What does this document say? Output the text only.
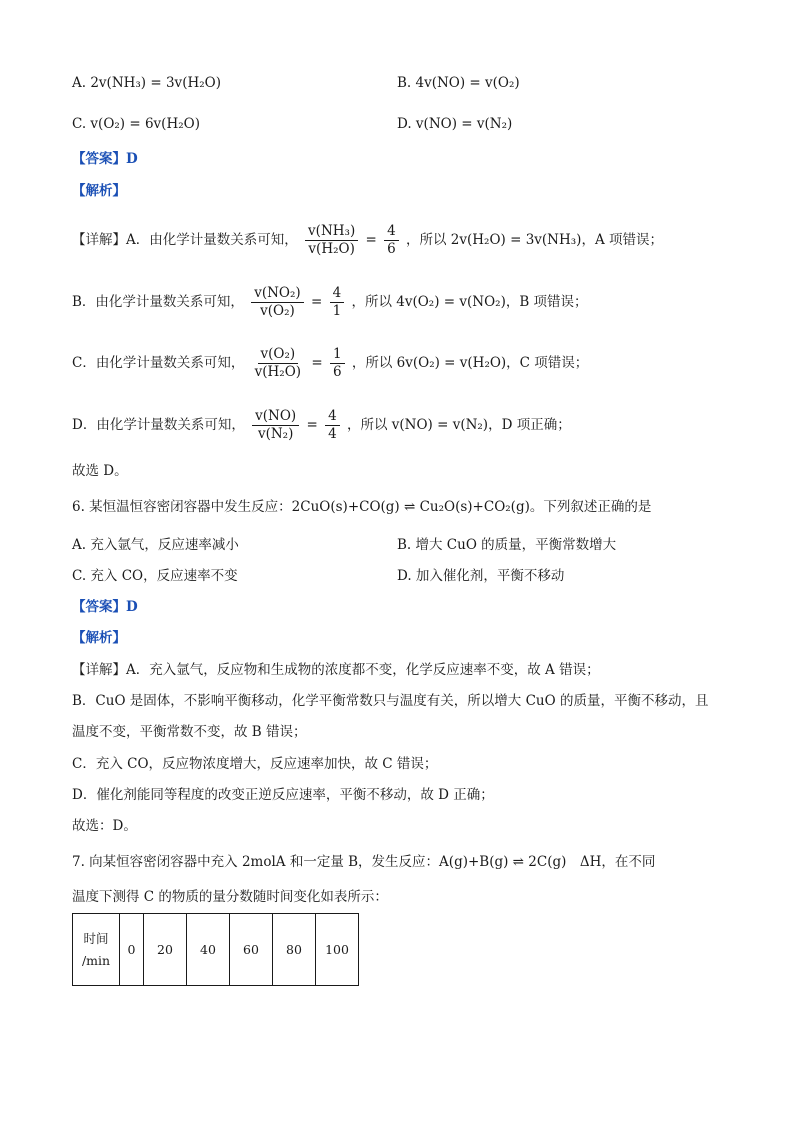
A. 2v(NH₃) = 3v(H₂O)	B. 4v(NO) = v(O₂)
C. v(O₂) = 6v(H₂O)	D. v(NO) = v(N₂)
【答案】D
【解析】
【详解】A．由化学计量数关系可知， $\frac{\text{v(NH₃)}}{\text{v(H₂O)}} = \frac{4}{6}$ ，所以 2v(H₂O) = 3v(NH₃)，A 项错误；
B．由化学计量数关系可知， $\frac{\text{v(NO₂)}}{\text{v(O₂)}} = \frac{4}{1}$ ，所以 4v(O₂) = v(NO₂)，B 项错误；
C．由化学计量数关系可知， $\frac{\text{v(O₂)}}{\text{v(H₂O)}} = \frac{1}{6}$ ，所以 6v(O₂) = v(H₂O)，C 项错误；
D．由化学计量数关系可知， $\frac{v(NO)}{\text{v(N₂)}} = \frac{4}{4}$ ，所以 v(NO) = v(N₂)，D 项正确；
故选 D。
6. 某恒温恒容密闭容器中发生反应：2CuO(s)+CO(g) ⇌ Cu₂O(s)+CO₂(g)。下列叙述正确的是
A. 充入氩气，反应速率减小	B. 增大 CuO 的质量，平衡常数增大
C. 充入 CO，反应速率不变	D. 加入催化剂，平衡不移动
【答案】D
【解析】
【详解】A．充入氩气，反应物和生成物的浓度都不变，化学反应速率不变，故 A 错误；
B．CuO 是固体，不影响平衡移动，化学平衡常数只与温度有关，所以增大 CuO 的质量，平衡不移动，且
温度不变，平衡常数不变，故 B 错误；
C．充入 CO，反应物浓度增大，反应速率加快，故 C 错误；
D．催化剂能同等程度的改变正逆反应速率，平衡不移动，故 D 正确；
故选：D。
7. 向某恒容密闭容器中充入 2molA 和一定量 B，发生反应：A(g)+B(g) ⇌ 2C(g)　ΔH，在不同
温度下测得 C 的物质的量分数随时间变化如表所示：
时间
/min
	0	20	40	60	80	100
